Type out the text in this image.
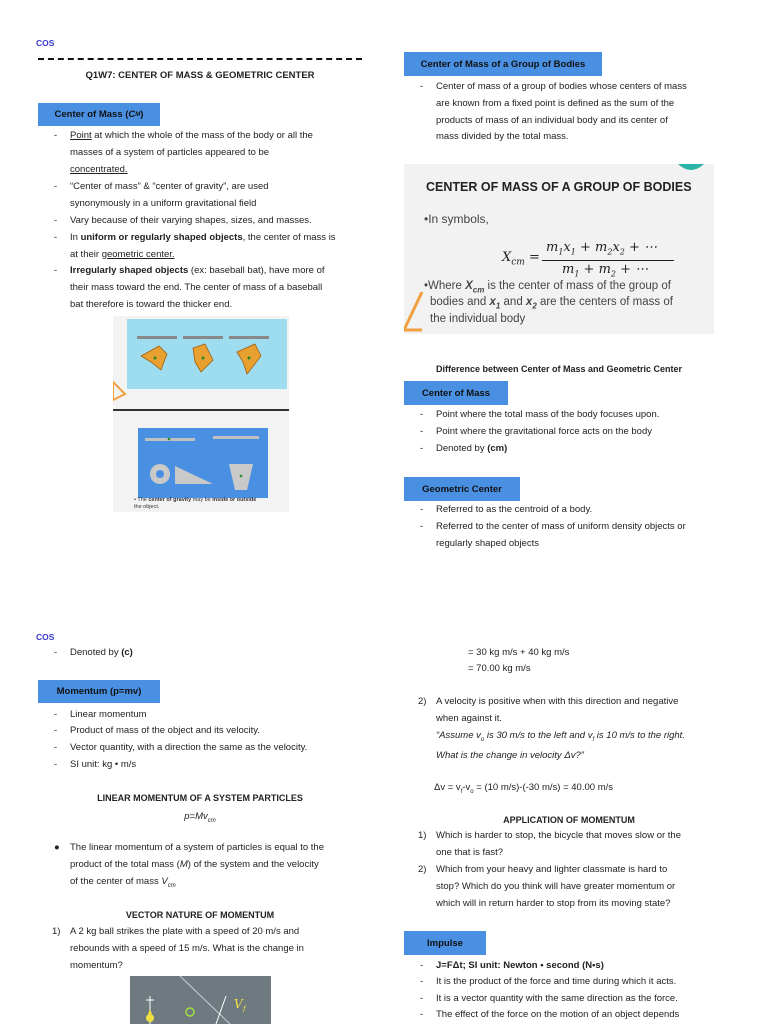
COS
Q1W7: CENTER OF MASS & GEOMETRIC CENTER
Center of Mass ( C M )
- Point at which the whole of the mass of the body or all the
masses of a system of particles appeared to be
concentrated.
- “Center of mass” & “center of gravity”, are used
synonymously in a uniform gravitational field
- Vary because of their varying shapes, sizes, and masses.
- In uniform or regularly shaped objects, the center of mass is
at their geometric center.
- Irregularly shaped objects (ex: baseball bat), have more of
their mass toward the end. The center of mass of a baseball
bat therefore is toward the thicker end.
• The center of gravity may be inside or outside
the object.
Center of Mass of a Group of Bodies
- Center of mass of a group of bodies whose centers of mass
are known from a fixed point is defined as the sum of the
products of mass of an individual body and its center of
mass divided by the total mass.
CENTER OF MASS OF A GROUP OF BODIES
•In symbols,
$X_{cm}$ =
$m_1x_1 + m_2x_2$ + ⋯
$m_1 + m_2$ + ⋯
•Where $X_{cm}$ is the center of mass of the group of
bodies and $x_1$ and $x_2$ are the centers of mass of
the individual body
Difference between Center of Mass and Geometric Center
Center of Mass
- Point where the total mass of the body focuses upon.
- Point where the gravitational force acts on the body
- Denoted by (cm)
Geometric Center
- Referred to as the centroid of a body.
- Referred to the center of mass of uniform density objects or
regularly shaped objects
COS
- Denoted by (c)
Momentum (p=mv)
- Linear momentum
- Product of mass of the object and its velocity.
- Vector quantity, with a direction the same as the velocity.
- SI unit: kg • m/s
LINEAR MOMENTUM OF A SYSTEM PARTICLES
$p=Mv_{cm}$
● The linear momentum of a system of particles is equal to the
product of the total mass (M) of the system and the velocity
of the center of mass $V_{cm}$
VECTOR NATURE OF MOMENTUM
1) A 2 kg ball strikes the plate with a speed of 20 m/s and
rebounds with a speed of 15 m/s. What is the change in
momentum?
V f
= 30 kg m/s + 40 kg m/s
= 70.00 kg m/s
2) A velocity is positive when with this direction and negative
when against it.
“Assume $v_o$ is 30 m/s to the left and $v_f$ is 10 m/s to the right.
What is the change in velocity Δv?”
$\Delta v = v_f-v_o = (10$ m/s)-(-30 m/s) = 40.00 m/s
APPLICATION OF MOMENTUM
1) Which is harder to stop, the bicycle that moves slow or the
one that is fast?
2) Which from your heavy and lighter classmate is hard to
stop? Which do you think will have greater momentum or
which will in return harder to stop from its moving state?
Impulse
- J=FΔt; SI unit: Newton • second (N•s)
- It is the product of the force and time during which it acts.
- It is a vector quantity with the same direction as the force.
- The effect of the force on the motion of an object depends
